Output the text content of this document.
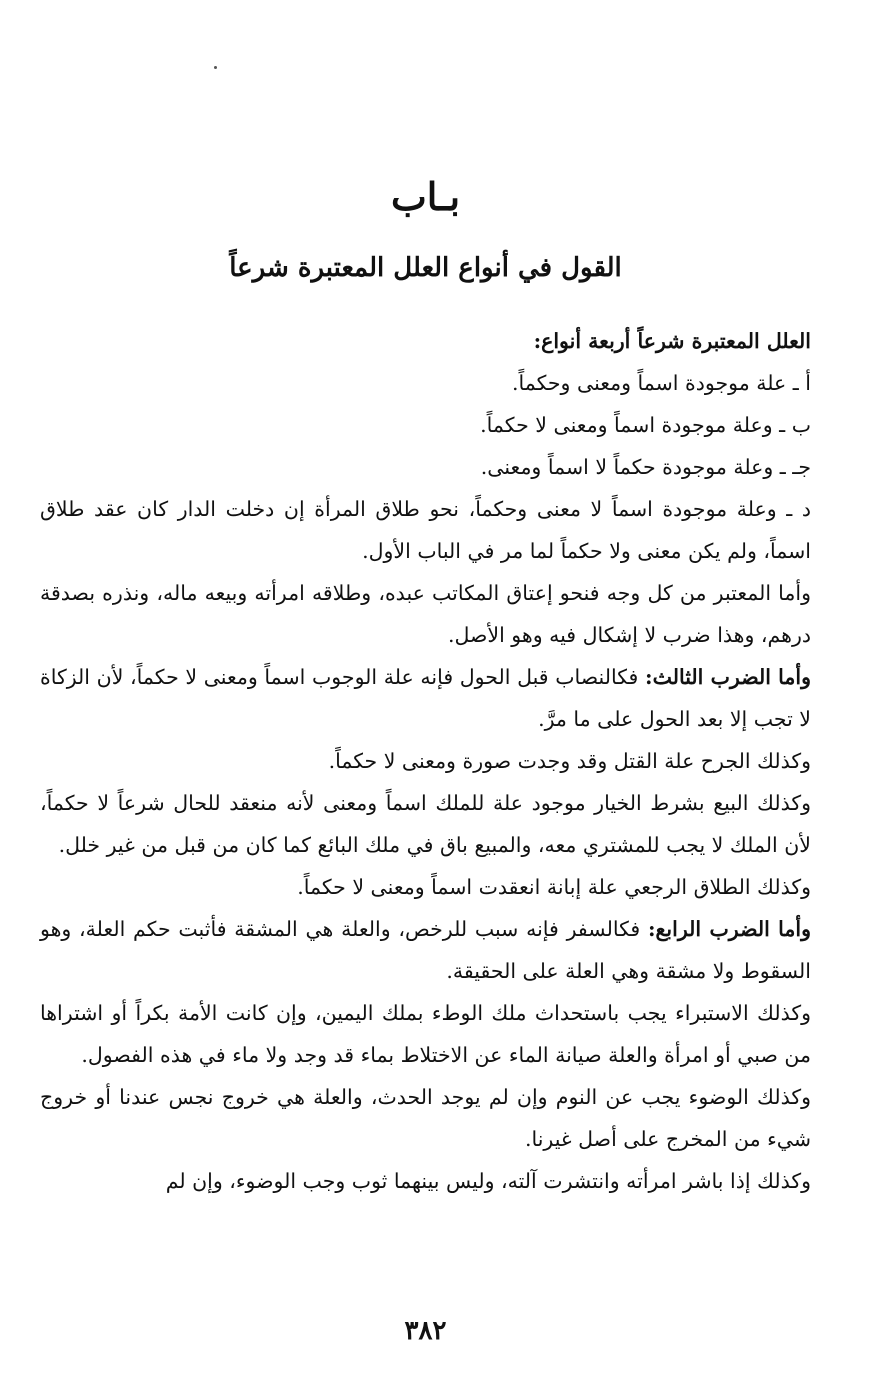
بـاب
القول في أنواع العلل المعتبرة شرعاً

العلل المعتبرة شرعاً أربعة أنواع:

أ ـ علة موجودة اسماً ومعنى وحكماً.

ب ـ وعلة موجودة اسماً ومعنى لا حكماً.

جـ ـ وعلة موجودة حكماً لا اسماً ومعنى.

د ـ وعلة موجودة اسماً لا معنى وحكماً، نحو طلاق المرأة إن دخلت الدار كان عقد طلاق اسماً، ولم يكن معنى ولا حكماً لما مر في الباب الأول.

وأما المعتبر من كل وجه فنحو إعتاق المكاتب عبده، وطلاقه امرأته وبيعه ماله، ونذره بصدقة درهم، وهذا ضرب لا إشكال فيه وهو الأصل.

وأما الضرب الثالث: فكالنصاب قبل الحول فإنه علة الوجوب اسماً ومعنى لا حكماً، لأن الزكاة لا تجب إلا بعد الحول على ما مرَّ.

وكذلك الجرح علة القتل وقد وجدت صورة ومعنى لا حكماً.

وكذلك البيع بشرط الخيار موجود علة للملك اسماً ومعنى لأنه منعقد للحال شرعاً لا حكماً، لأن الملك لا يجب للمشتري معه، والمبيع باق في ملك البائع كما كان من قبل من غير خلل.

وكذلك الطلاق الرجعي علة إبانة انعقدت اسماً ومعنى لا حكماً.

وأما الضرب الرابع: فكالسفر فإنه سبب للرخص، والعلة هي المشقة فأثبت حكم العلة، وهو السقوط ولا مشقة وهي العلة على الحقيقة.

وكذلك الاستبراء يجب باستحداث ملك الوطء بملك اليمين، وإن كانت الأمة بكراً أو اشتراها من صبي أو امرأة والعلة صيانة الماء عن الاختلاط بماء قد وجد ولا ماء في هذه الفصول.

وكذلك الوضوء يجب عن النوم وإن لم يوجد الحدث، والعلة هي خروج نجس عندنا أو خروج شيء من المخرج على أصل غيرنا.

وكذلك إذا باشر امرأته وانتشرت آلته، وليس بينهما ثوب وجب الوضوء، وإن لم

٣٨٢
